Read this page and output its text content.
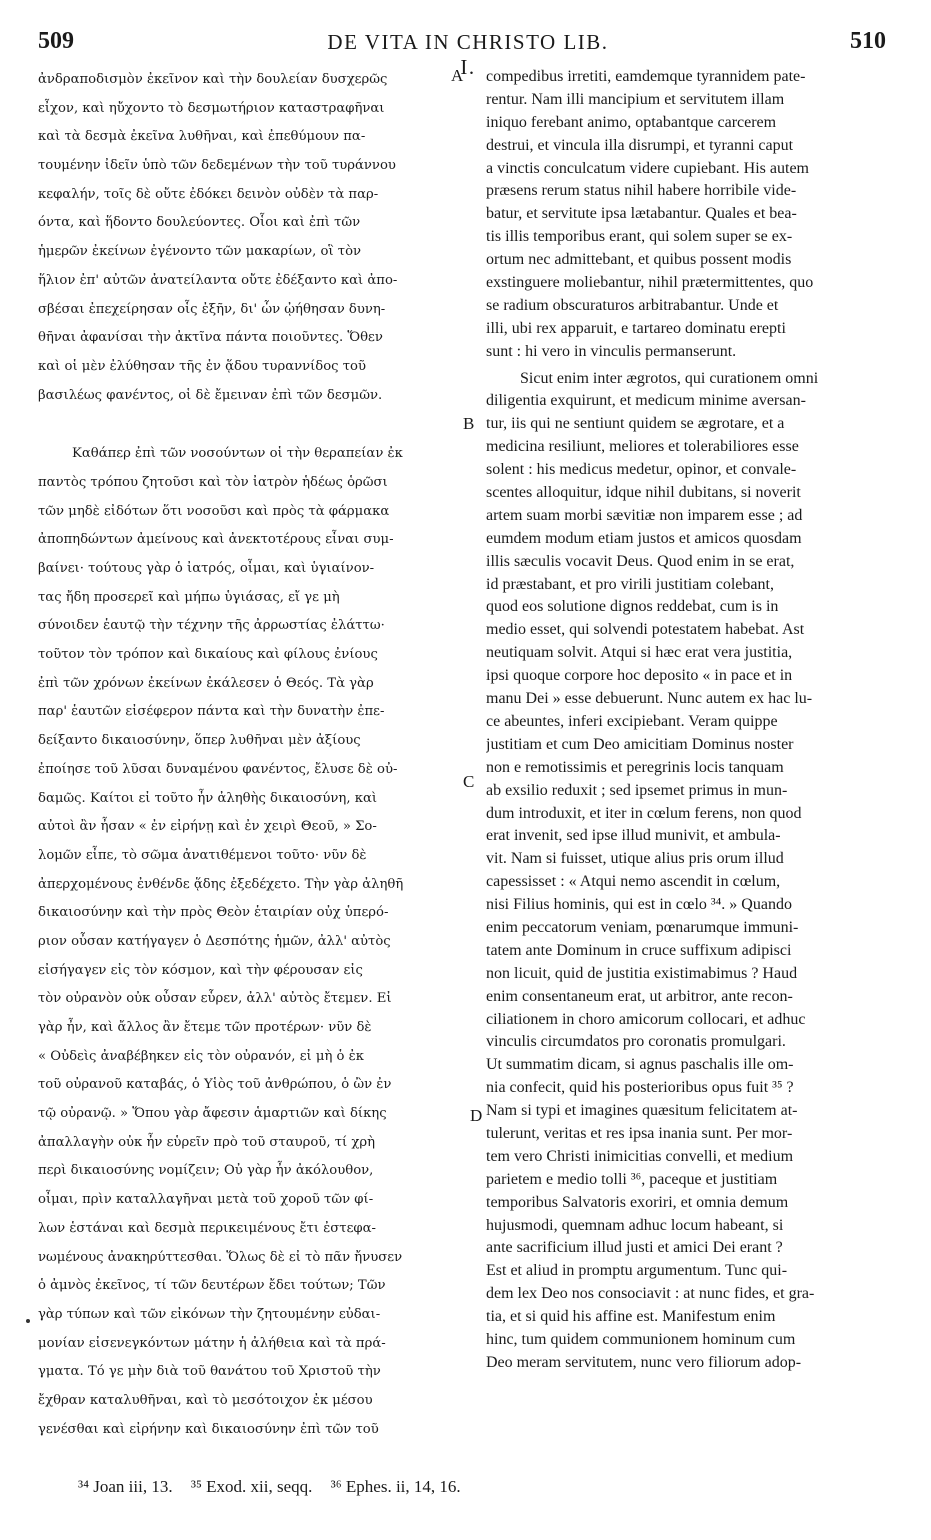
509	DE VITA IN CHRISTO LIB. I.
510
ἀνδραποδισμὸν ἐκεῖνον καὶ τὴν δουλείαν δυσχερῶς
εἶχον, καὶ ηὔχοντο τὸ δεσμωτήριον καταστραφῆναι
καὶ τὰ δεσμὰ ἐκεῖνα λυθῆναι, καὶ ἐπεθύμουν πα-
τουμένην ἰδεῖν ὑπὸ τῶν δεδεμένων τὴν τοῦ τυράννου
κεφαλήν, τοῖς δὲ οὔτε ἐδόκει δεινὸν οὐδὲν τὰ παρ-
όντα, καὶ ἥδοντο δουλεύοντες. Οἷοι καὶ ἐπὶ τῶν
ἡμερῶν ἐκείνων ἐγένοντο τῶν μακαρίων, οἳ τὸν
ἥλιον ἐπ' αὐτῶν ἀνατείλαντα οὔτε ἐδέξαντο καὶ ἀπο-
σβέσαι ἐπεχείρησαν οἷς ἐξῆν, δι' ὧν ᾠήθησαν δυνη-
θῆναι ἀφανίσαι τὴν ἀκτῖνα πάντα ποιοῦντες. Ὅθεν
καὶ οἱ μὲν ἐλύθησαν τῆς ἐν ᾅδου τυραννίδος τοῦ
βασιλέως φανέντος, οἱ δὲ ἔμειναν ἐπὶ τῶν δεσμῶν.
Καθάπερ ἐπὶ τῶν νοσούντων οἱ τὴν θεραπείαν ἐκ
παντὸς τρόπου ζητοῦσι καὶ τὸν ἰατρὸν ἡδέως ὁρῶσι
τῶν μηδὲ εἰδότων ὅτι νοσοῦσι καὶ πρὸς τὰ φάρμακα
ἀποπηδώντων ἀμείνους καὶ ἀνεκτοτέρους εἶναι συμ-
βαίνει· τούτους γὰρ ὁ ἰατρός, οἶμαι, καὶ ὑγιαίνον-
τας ἤδη προσερεῖ καὶ μήπω ὑγιάσας, εἴ γε μὴ
σύνοιδεν ἑαυτῷ τὴν τέχνην τῆς ἀρρωστίας ἐλάττω·
τοῦτον τὸν τρόπον καὶ δικαίους καὶ φίλους ἐνίους
ἐπὶ τῶν χρόνων ἐκείνων ἐκάλεσεν ὁ Θεός. Τὰ γὰρ
παρ' ἑαυτῶν εἰσέφερον πάντα καὶ τὴν δυνατὴν ἐπε-
δείξαντο δικαιοσύνην, ὅπερ λυθῆναι μὲν ἀξίους
ἐποίησε τοῦ λῦσαι δυναμένου φανέντος, ἔλυσε δὲ οὐ-
δαμῶς. Καίτοι εἰ τοῦτο ἦν ἀληθὴς δικαιοσύνη, καὶ
αὐτοὶ ἂν ἦσαν « ἐν εἰρήνῃ καὶ ἐν χειρὶ Θεοῦ, » Σο-
λομῶν εἶπε, τὸ σῶμα ἀνατιθέμενοι τοῦτο· νῦν δὲ
ἀπερχομένους ἐνθένδε ᾅδης ἐξεδέχετο. Τὴν γὰρ ἀληθῆ
δικαιοσύνην καὶ τὴν πρὸς Θεὸν ἑταιρίαν οὐχ ὑπερό-
ριον οὖσαν κατήγαγεν ὁ Δεσπότης ἡμῶν, ἀλλ' αὐτὸς
εἰσήγαγεν εἰς τὸν κόσμον, καὶ τὴν φέρουσαν εἰς
τὸν οὐρανὸν οὐκ οὖσαν εὗρεν, ἀλλ' αὐτὸς ἔτεμεν. Εἰ
γὰρ ἦν, καὶ ἄλλος ἂν ἔτεμε τῶν προτέρων· νῦν δὲ
« Οὐδεὶς ἀναβέβηκεν εἰς τὸν οὐρανόν, εἰ μὴ ὁ ἐκ
τοῦ οὐρανοῦ καταβάς, ὁ Υἱὸς τοῦ ἀνθρώπου, ὁ ὢν ἐν
τῷ οὐρανῷ. » Ὅπου γὰρ ἄφεσιν ἁμαρτιῶν καὶ δίκης
ἀπαλλαγὴν οὐκ ἦν εὑρεῖν πρὸ τοῦ σταυροῦ, τί χρὴ
περὶ δικαιοσύνης νομίζειν; Οὐ γὰρ ἦν ἀκόλουθον,
οἶμαι, πρὶν καταλλαγῆναι μετὰ τοῦ χοροῦ τῶν φί-
λων ἑστάναι καὶ δεσμὰ περικειμένους ἔτι ἐστεφα-
νωμένους ἀνακηρύττεσθαι. Ὅλως δὲ εἰ τὸ πᾶν ἤνυσεν
ὁ ἀμνὸς ἐκεῖνος, τί τῶν δευτέρων ἔδει τούτων; Τῶν
γὰρ τύπων καὶ τῶν εἰκόνων τὴν ζητουμένην εὐδαι-
μονίαν εἰσενεγκόντων μάτην ἡ ἀλήθεια καὶ τὰ πρά-
γματα. Τό γε μὴν διὰ τοῦ θανάτου τοῦ Χριστοῦ τὴν
ἔχθραν καταλυθῆναι, καὶ τὸ μεσότοιχον ἐκ μέσου
γενέσθαι καὶ εἰρήνην καὶ δικαιοσύνην ἐπὶ τῶν τοῦ
compedibus irretiti, eamdemque tyrannidem pate-
rentur. Nam illi mancipium et servitutem illam
iniquo ferebant animo, optabantque carcerem
destrui, et vincula illa disrumpi, et tyranni caput
a vinctis conculcatum videre cupiebant. His autem
præsens rerum status nihil habere horribile vide-
batur, et servitute ipsa lætabantur. Quales et bea-
tis illis temporibus erant, qui solem super se ex-
ortum nec admittebant, et quibus possent modis
exstinguere moliebantur, nihil prætermittentes, quo
se radium obscuraturos arbitrabantur. Unde et
illi, ubi rex apparuit, e tartareo dominatu erepti
sunt : hi vero in vinculis permanserunt.
Sicut enim inter ægrotos, qui curationem omni
diligentia exquirunt, et medicum minime aversan-
tur, iis qui ne sentiunt quidem se ægrotare, et a
medicina resiliunt, meliores et tolerabiliores esse
solent : his medicus medetur, opinor, et convale-
scentes alloquitur, idque nihil dubitans, si noverit
artem suam morbi sævitiæ non imparem esse ; ad
eumdem modum etiam justos et amicos quosdam
illis sæculis vocavit Deus. Quod enim in se erat,
id præstabant, et pro virili justitiam colebant,
quod eos solutione dignos reddebat, cum is in
medio esset, qui solvendi potestatem habebat. Ast
neutiquam solvit. Atqui si hæc erat vera justitia,
ipsi quoque corpore hoc deposito « in pace et in
manu Dei » esse debuerunt. Nunc autem ex hac lu-
ce abeuntes, inferi excipiebant. Veram quippe
justitiam et cum Deo amicitiam Dominus noster
non e remotissimis et peregrinis locis tanquam
ab exsilio reduxit ; sed ipsemet primus in mun-
dum introduxit, et iter in cœlum ferens, non quod
erat invenit, sed ipse illud munivit, et ambula-
vit. Nam si fuisset, utique alius pris orum illud
capessisset : « Atqui nemo ascendit in cœlum,
nisi Filius hominis, qui est in cœlo ³⁴. » Quando
enim peccatorum veniam, pœnarumque immuni-
tatem ante Dominum in cruce suffixum adipisci
non licuit, quid de justitia existimabimus ? Haud
enim consentaneum erat, ut arbitror, ante recon-
ciliationem in choro amicorum collocari, et adhuc
vinculis circumdatos pro coronatis promulgari.
Ut summatim dicam, si agnus paschalis ille om-
nia confecit, quid his posterioribus opus fuit ³⁵ ?
Nam si typi et imagines quæsitum felicitatem at-
tulerunt, veritas et res ipsa inania sunt. Per mor-
tem vero Christi inimicitias convelli, et medium
parietem e medio tolli ³⁶, paceque et justitiam
temporibus Salvatoris exoriri, et omnia demum
hujusmodi, quemnam adhuc locum habeant, si
ante sacrificium illud justi et amici Dei erant ?
Est et aliud in promptu argumentum. Tunc qui-
dem lex Deo nos consociavit : at nunc fides, et gra-
tia, et si quid his affine est. Manifestum enim
hinc, tum quidem communionem hominum cum
Deo meram servitutem, nunc vero filiorum adop-
A
B
C
D
³⁴ Joan iii, 13. ³⁵ Exod. xii, seqq. ³⁶ Ephes. ii, 14, 16.
